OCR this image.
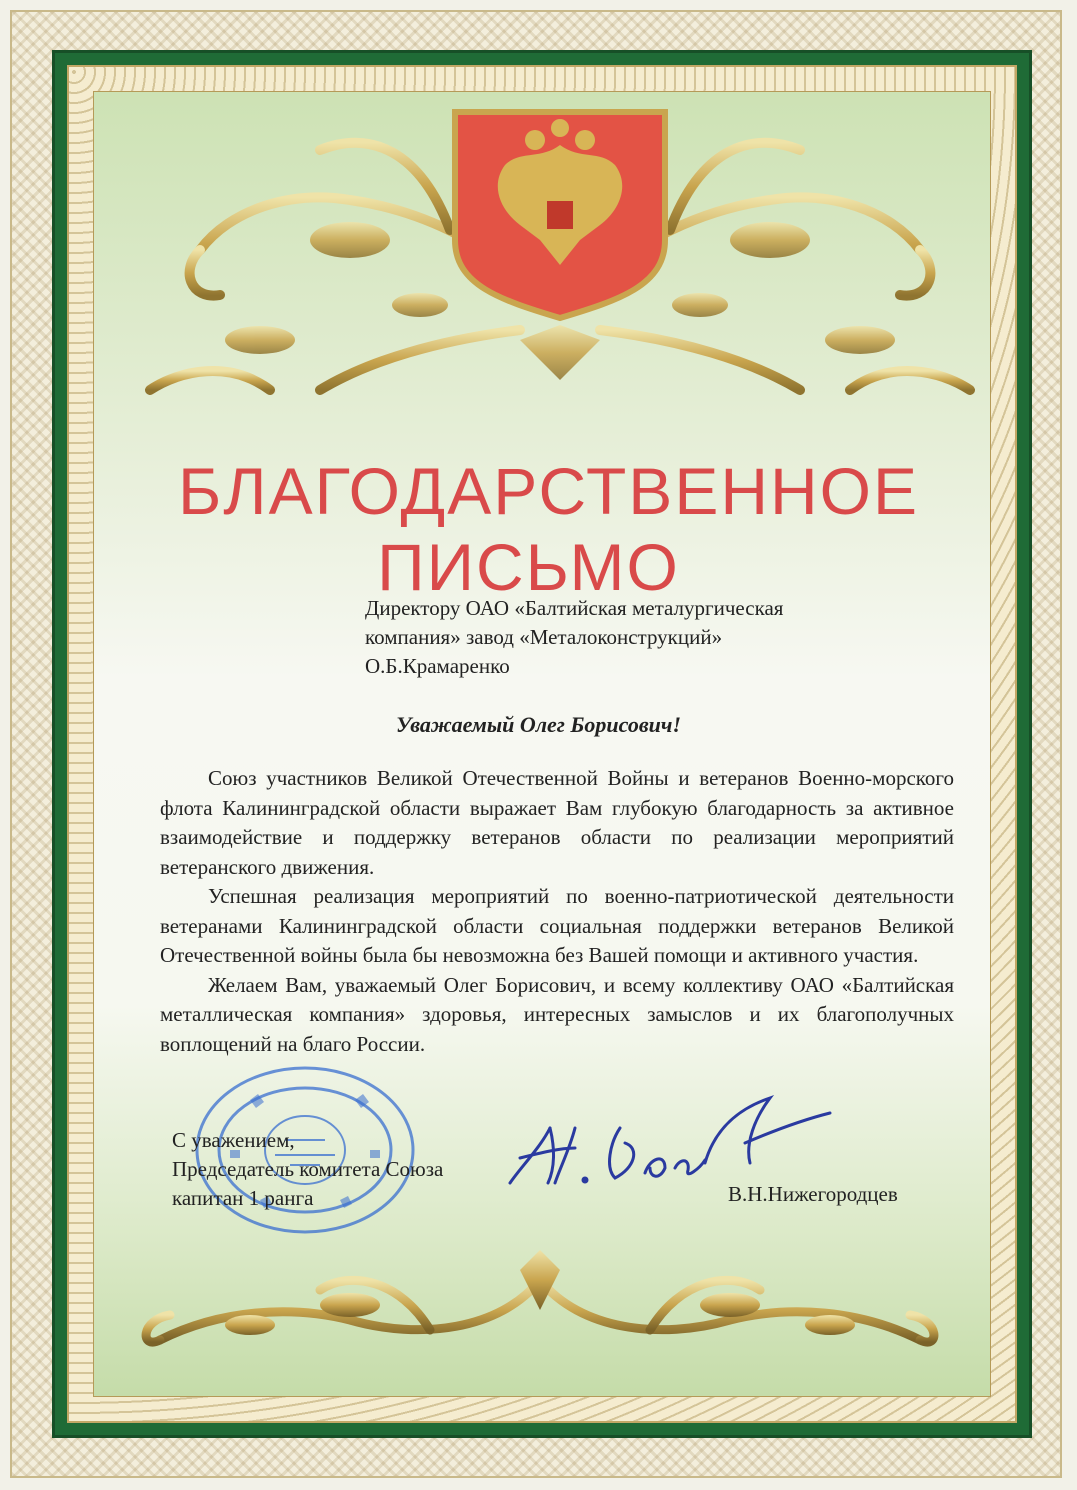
БЛАГОДАРСТВЕННОЕ
ПИСЬМО
Директору ОАО «Балтийская металургическая
компания» завод «Металоконструкций»
О.Б.Крамаренко
Уважаемый Олег Борисович!

Союз участников Великой Отечественной Войны и ветеранов Военно-морского флота Калининградской области выражает Вам глубокую благодарность за активное взаимодействие и поддержку ветеранов области по реализации мероприятий ветеранского движения.

Успешная реализация мероприятий по военно-патриотической деятельности ветеранами Калининградской области социальная поддержки ветеранов Великой Отечественной войны была бы невозможна без Вашей помощи и активного участия.

Желаем Вам, уважаемый Олег Борисович, и всему коллективу ОАО «Балтийская металлическая компания» здоровья, интересных замыслов и их благополучных воплощений на благо России.

С уважением,
Председатель комитета Союза
капитан 1 ранга	В.Н.Нижегородцев
